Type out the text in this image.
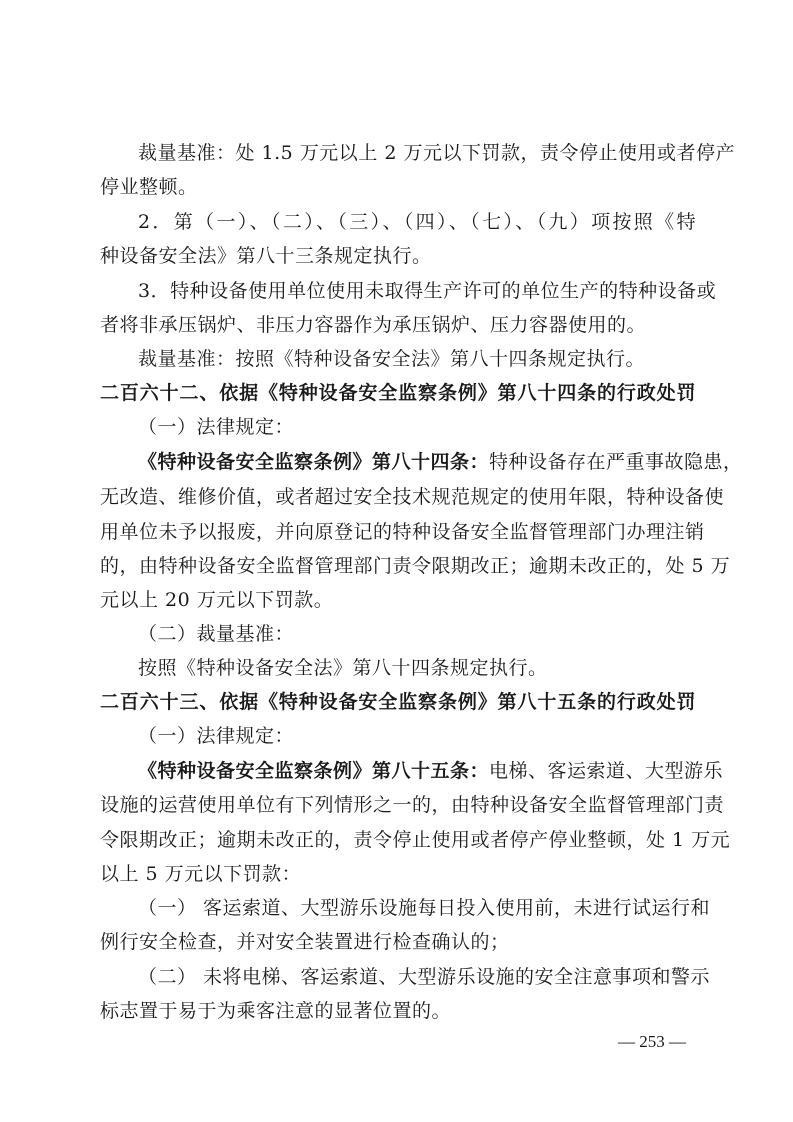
裁量基准：处 1.5 万元以上 2 万元以下罚款，责令停止使用或者停产
停业整顿。
2．第（一）、（二）、（三）、（四）、（七）、（九）项按照《特
种设备安全法》第八十三条规定执行。
3．特种设备使用单位使用未取得生产许可的单位生产的特种设备或
者将非承压锅炉、非压力容器作为承压锅炉、压力容器使用的。
裁量基准：按照《特种设备安全法》第八十四条规定执行。
二百六十二、依据《特种设备安全监察条例》第八十四条的行政处罚
（一）法律规定：
《特种设备安全监察条例》第八十四条：特种设备存在严重事故隐患，
无改造、维修价值，或者超过安全技术规范规定的使用年限，特种设备使
用单位未予以报废，并向原登记的特种设备安全监督管理部门办理注销
的，由特种设备安全监督管理部门责令限期改正；逾期未改正的，处 5 万
元以上 20 万元以下罚款。
（二）裁量基准：
按照《特种设备安全法》第八十四条规定执行。
二百六十三、依据《特种设备安全监察条例》第八十五条的行政处罚
（一）法律规定：
《特种设备安全监察条例》第八十五条：电梯、客运索道、大型游乐
设施的运营使用单位有下列情形之一的，由特种设备安全监督管理部门责
令限期改正；逾期未改正的，责令停止使用或者停产停业整顿，处 1 万元
以上 5 万元以下罚款：
（一） 客运索道、大型游乐设施每日投入使用前，未进行试运行和
例行安全检查，并对安全装置进行检查确认的；
（二） 未将电梯、客运索道、大型游乐设施的安全注意事项和警示
标志置于易于为乘客注意的显著位置的。
— 253 —
